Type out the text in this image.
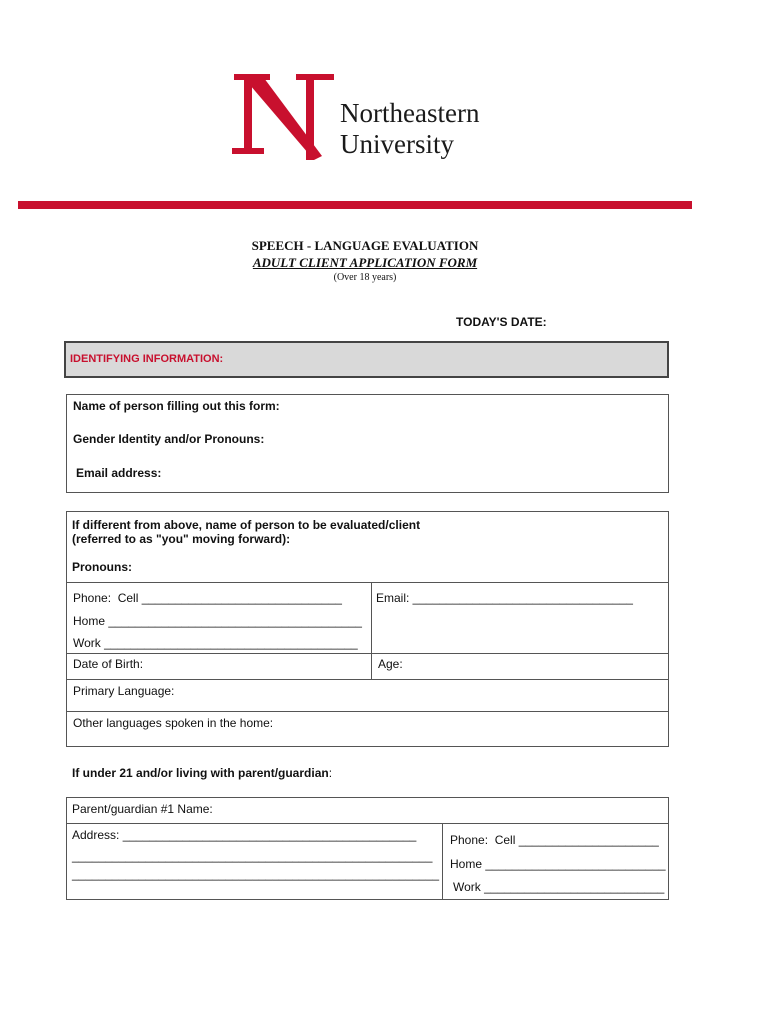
Northeastern
University
SPEECH - LANGUAGE EVALUATION
ADULT CLIENT APPLICATION FORM
(Over 18 years)
TODAY'S DATE:
IDENTIFYING INFORMATION:
Name of person filling out this form:
Gender Identity and/or Pronouns:
Email address:
If different from above, name of person to be evaluated/client
(referred to as "you" moving forward):
Pronouns:
Phone:  Cell ______________________________	Email: _________________________________
Home ______________________________________
Work ______________________________________
Date of Birth:	Age:
Primary Language:
Other languages spoken in the home:
If under 21 and/or living with parent/guardian:
Parent/guardian #1 Name:
Address: ____________________________________________
______________________________________________________
_______________________________________________________
Phone:  Cell _____________________
Home ___________________________
Work ___________________________
